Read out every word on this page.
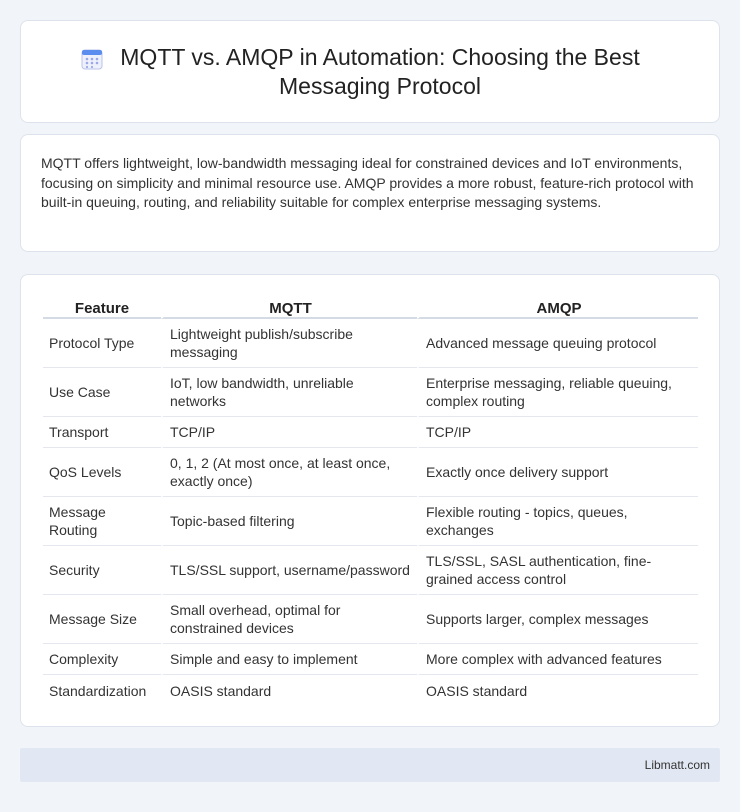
MQTT vs. AMQP in Automation: Choosing the Best Messaging Protocol

MQTT offers lightweight, low-bandwidth messaging ideal for constrained devices and IoT environments, focusing on simplicity and minimal resource use. AMQP provides a more robust, feature-rich protocol with built-in queuing, routing, and reliability suitable for complex enterprise messaging systems.

Feature	MQTT	AMQP
Protocol Type	Lightweight publish/subscribe messaging	Advanced message queuing protocol
Use Case	IoT, low bandwidth, unreliable networks	Enterprise messaging, reliable queuing, complex routing
Transport	TCP/IP	TCP/IP
QoS Levels	0, 1, 2 (At most once, at least once, exactly once)	Exactly once delivery support
Message Routing	Topic-based filtering	Flexible routing - topics, queues, exchanges
Security	TLS/SSL support, username/password	TLS/SSL, SASL authentication, fine-grained access control
Message Size	Small overhead, optimal for constrained devices	Supports larger, complex messages
Complexity	Simple and easy to implement	More complex with advanced features
Standardization	OASIS standard	OASIS standard
Libmatt.com
